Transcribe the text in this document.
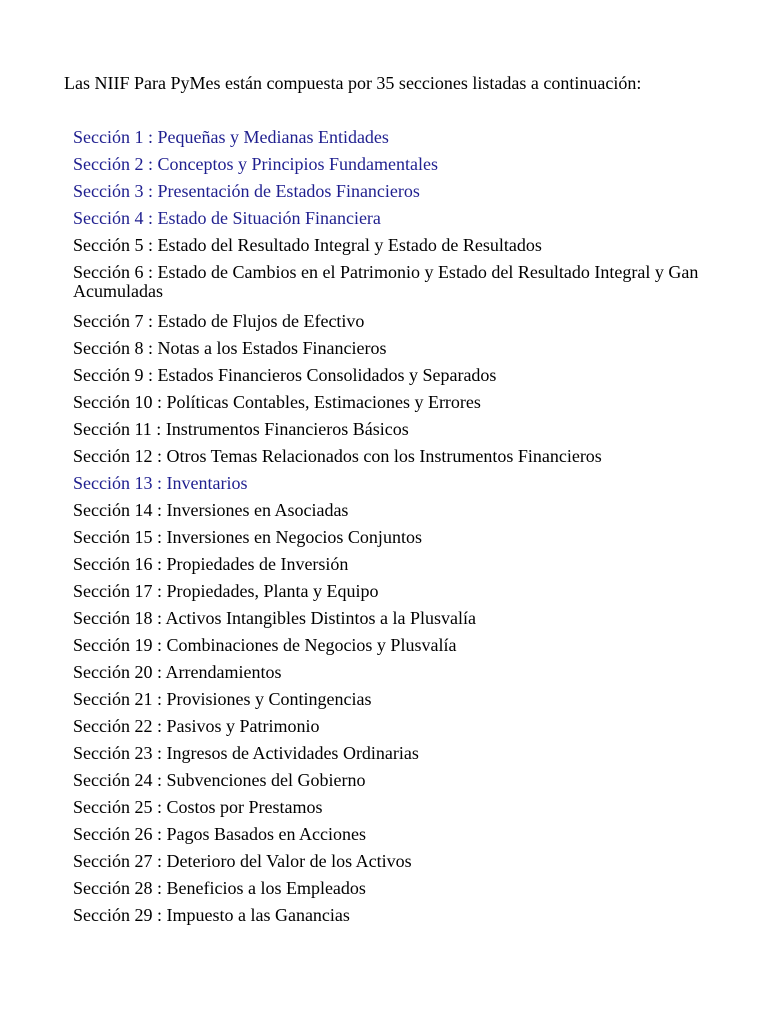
Las NIIF Para PyMes están compuesta por 35 secciones listadas a continuación:
Sección 1 : Pequeñas y Medianas Entidades
Sección 2 : Conceptos y Principios Fundamentales
Sección 3 : Presentación de Estados Financieros
Sección 4 : Estado de Situación Financiera
Sección 5 : Estado del Resultado Integral y Estado de Resultados
Sección 6 : Estado de Cambios en el Patrimonio y Estado del Resultado Integral y Gan
Acumuladas
Sección 7 : Estado de Flujos de Efectivo
Sección 8 : Notas a los Estados Financieros
Sección 9 : Estados Financieros Consolidados y Separados
Sección 10 : Políticas Contables, Estimaciones y Errores
Sección 11 : Instrumentos Financieros Básicos
Sección 12 : Otros Temas Relacionados con los Instrumentos Financieros
Sección 13 : Inventarios
Sección 14 : Inversiones en Asociadas
Sección 15 : Inversiones en Negocios Conjuntos
Sección 16 : Propiedades de Inversión
Sección 17 : Propiedades, Planta y Equipo
Sección 18 : Activos Intangibles Distintos a la Plusvalía
Sección 19 : Combinaciones de Negocios y Plusvalía
Sección 20 : Arrendamientos
Sección 21 : Provisiones y Contingencias
Sección 22 : Pasivos y Patrimonio
Sección 23 : Ingresos de Actividades Ordinarias
Sección 24 : Subvenciones del Gobierno
Sección 25 : Costos por Prestamos
Sección 26 : Pagos Basados en Acciones
Sección 27 : Deterioro del Valor de los Activos
Sección 28 : Beneficios a los Empleados
Sección 29 : Impuesto a las Ganancias
